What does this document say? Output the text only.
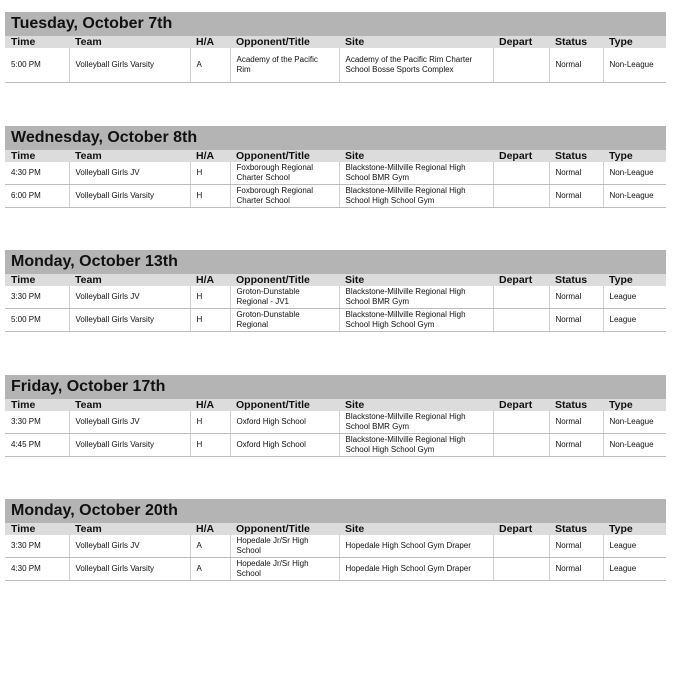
Tuesday, October 7th
Time	Team	H/A	Opponent/Title	Site	Depart	Status	Type
5:00 PM	Volleyball Girls Varsity	A	Academy of the Pacific Rim	Academy of the Pacific Rim Charter School Bosse Sports Complex		Normal	Non-League
Wednesday, October 8th
Time	Team	H/A	Opponent/Title	Site	Depart	Status	Type
4:30 PM	Volleyball Girls JV	H	Foxborough Regional Charter School	Blackstone-Millville Regional High School BMR Gym		Normal	Non-League
6:00 PM	Volleyball Girls Varsity	H	Foxborough Regional Charter School	Blackstone-Millville Regional High School High School Gym		Normal	Non-League
Monday, October 13th
Time	Team	H/A	Opponent/Title	Site	Depart	Status	Type
3:30 PM	Volleyball Girls JV	H	Groton-Dunstable Regional - JV1	Blackstone-Millville Regional High School BMR Gym		Normal	League
5:00 PM	Volleyball Girls Varsity	H	Groton-Dunstable Regional	Blackstone-Millville Regional High School High School Gym		Normal	League
Friday, October 17th
Time	Team	H/A	Opponent/Title	Site	Depart	Status	Type
3:30 PM	Volleyball Girls JV	H	Oxford High School	Blackstone-Millville Regional High School BMR Gym		Normal	Non-League
4:45 PM	Volleyball Girls Varsity	H	Oxford High School	Blackstone-Millville Regional High School High School Gym		Normal	Non-League
Monday, October 20th
Time	Team	H/A	Opponent/Title	Site	Depart	Status	Type
3:30 PM	Volleyball Girls JV	A	Hopedale Jr/Sr High School	Hopedale High School Gym Draper		Normal	League
4:30 PM	Volleyball Girls Varsity	A	Hopedale Jr/Sr High School	Hopedale High School Gym Draper		Normal	League
